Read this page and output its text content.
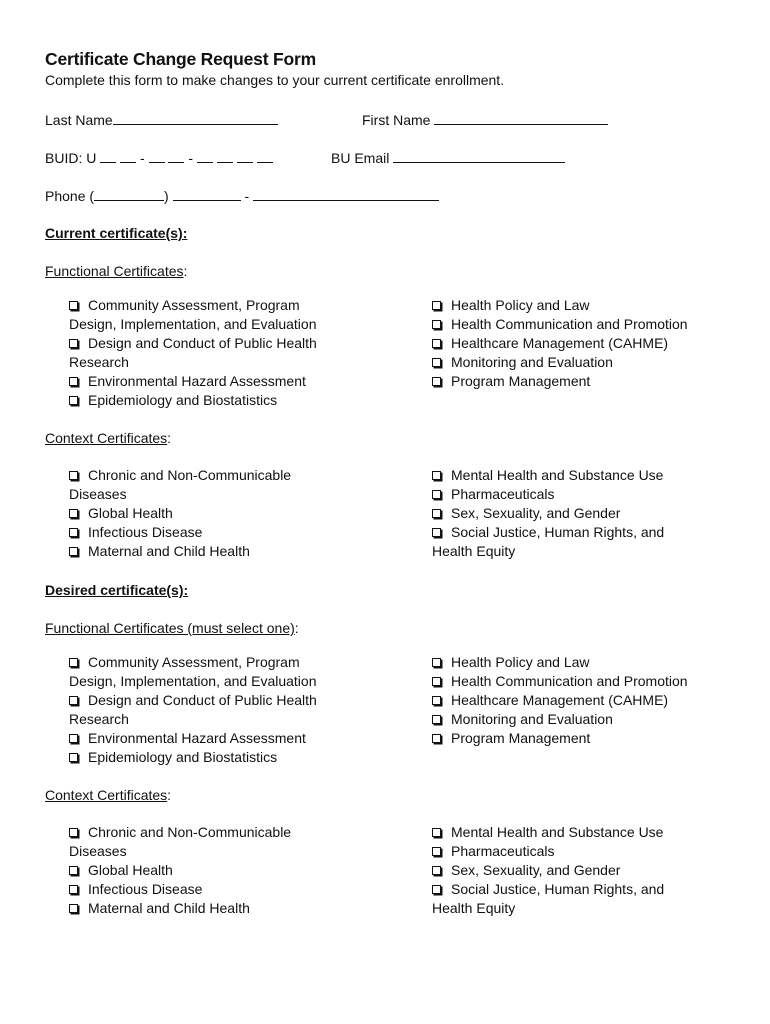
Certificate Change Request Form
Complete this form to make changes to your current certificate enrollment.
Last Name	First Name
BUID: U	-	-	BU Email
Phone (	)	-
Current certificate(s):
Functional Certificates:
Community Assessment, Program
Design, Implementation, and Evaluation
Design and Conduct of Public Health
Research
Environmental Hazard Assessment
Epidemiology and Biostatistics
Health Policy and Law
Health Communication and Promotion
Healthcare Management (CAHME)
Monitoring and Evaluation
Program Management
Context Certificates:
Chronic and Non-Communicable
Diseases
Global Health
Infectious Disease
Maternal and Child Health
Mental Health and Substance Use
Pharmaceuticals
Sex, Sexuality, and Gender
Social Justice, Human Rights, and
Health Equity
Desired certificate(s):
Functional Certificates (must select one):
Community Assessment, Program
Design, Implementation, and Evaluation
Design and Conduct of Public Health
Research
Environmental Hazard Assessment
Epidemiology and Biostatistics
Health Policy and Law
Health Communication and Promotion
Healthcare Management (CAHME)
Monitoring and Evaluation
Program Management
Context Certificates:
Chronic and Non-Communicable
Diseases
Global Health
Infectious Disease
Maternal and Child Health
Mental Health and Substance Use
Pharmaceuticals
Sex, Sexuality, and Gender
Social Justice, Human Rights, and
Health Equity
